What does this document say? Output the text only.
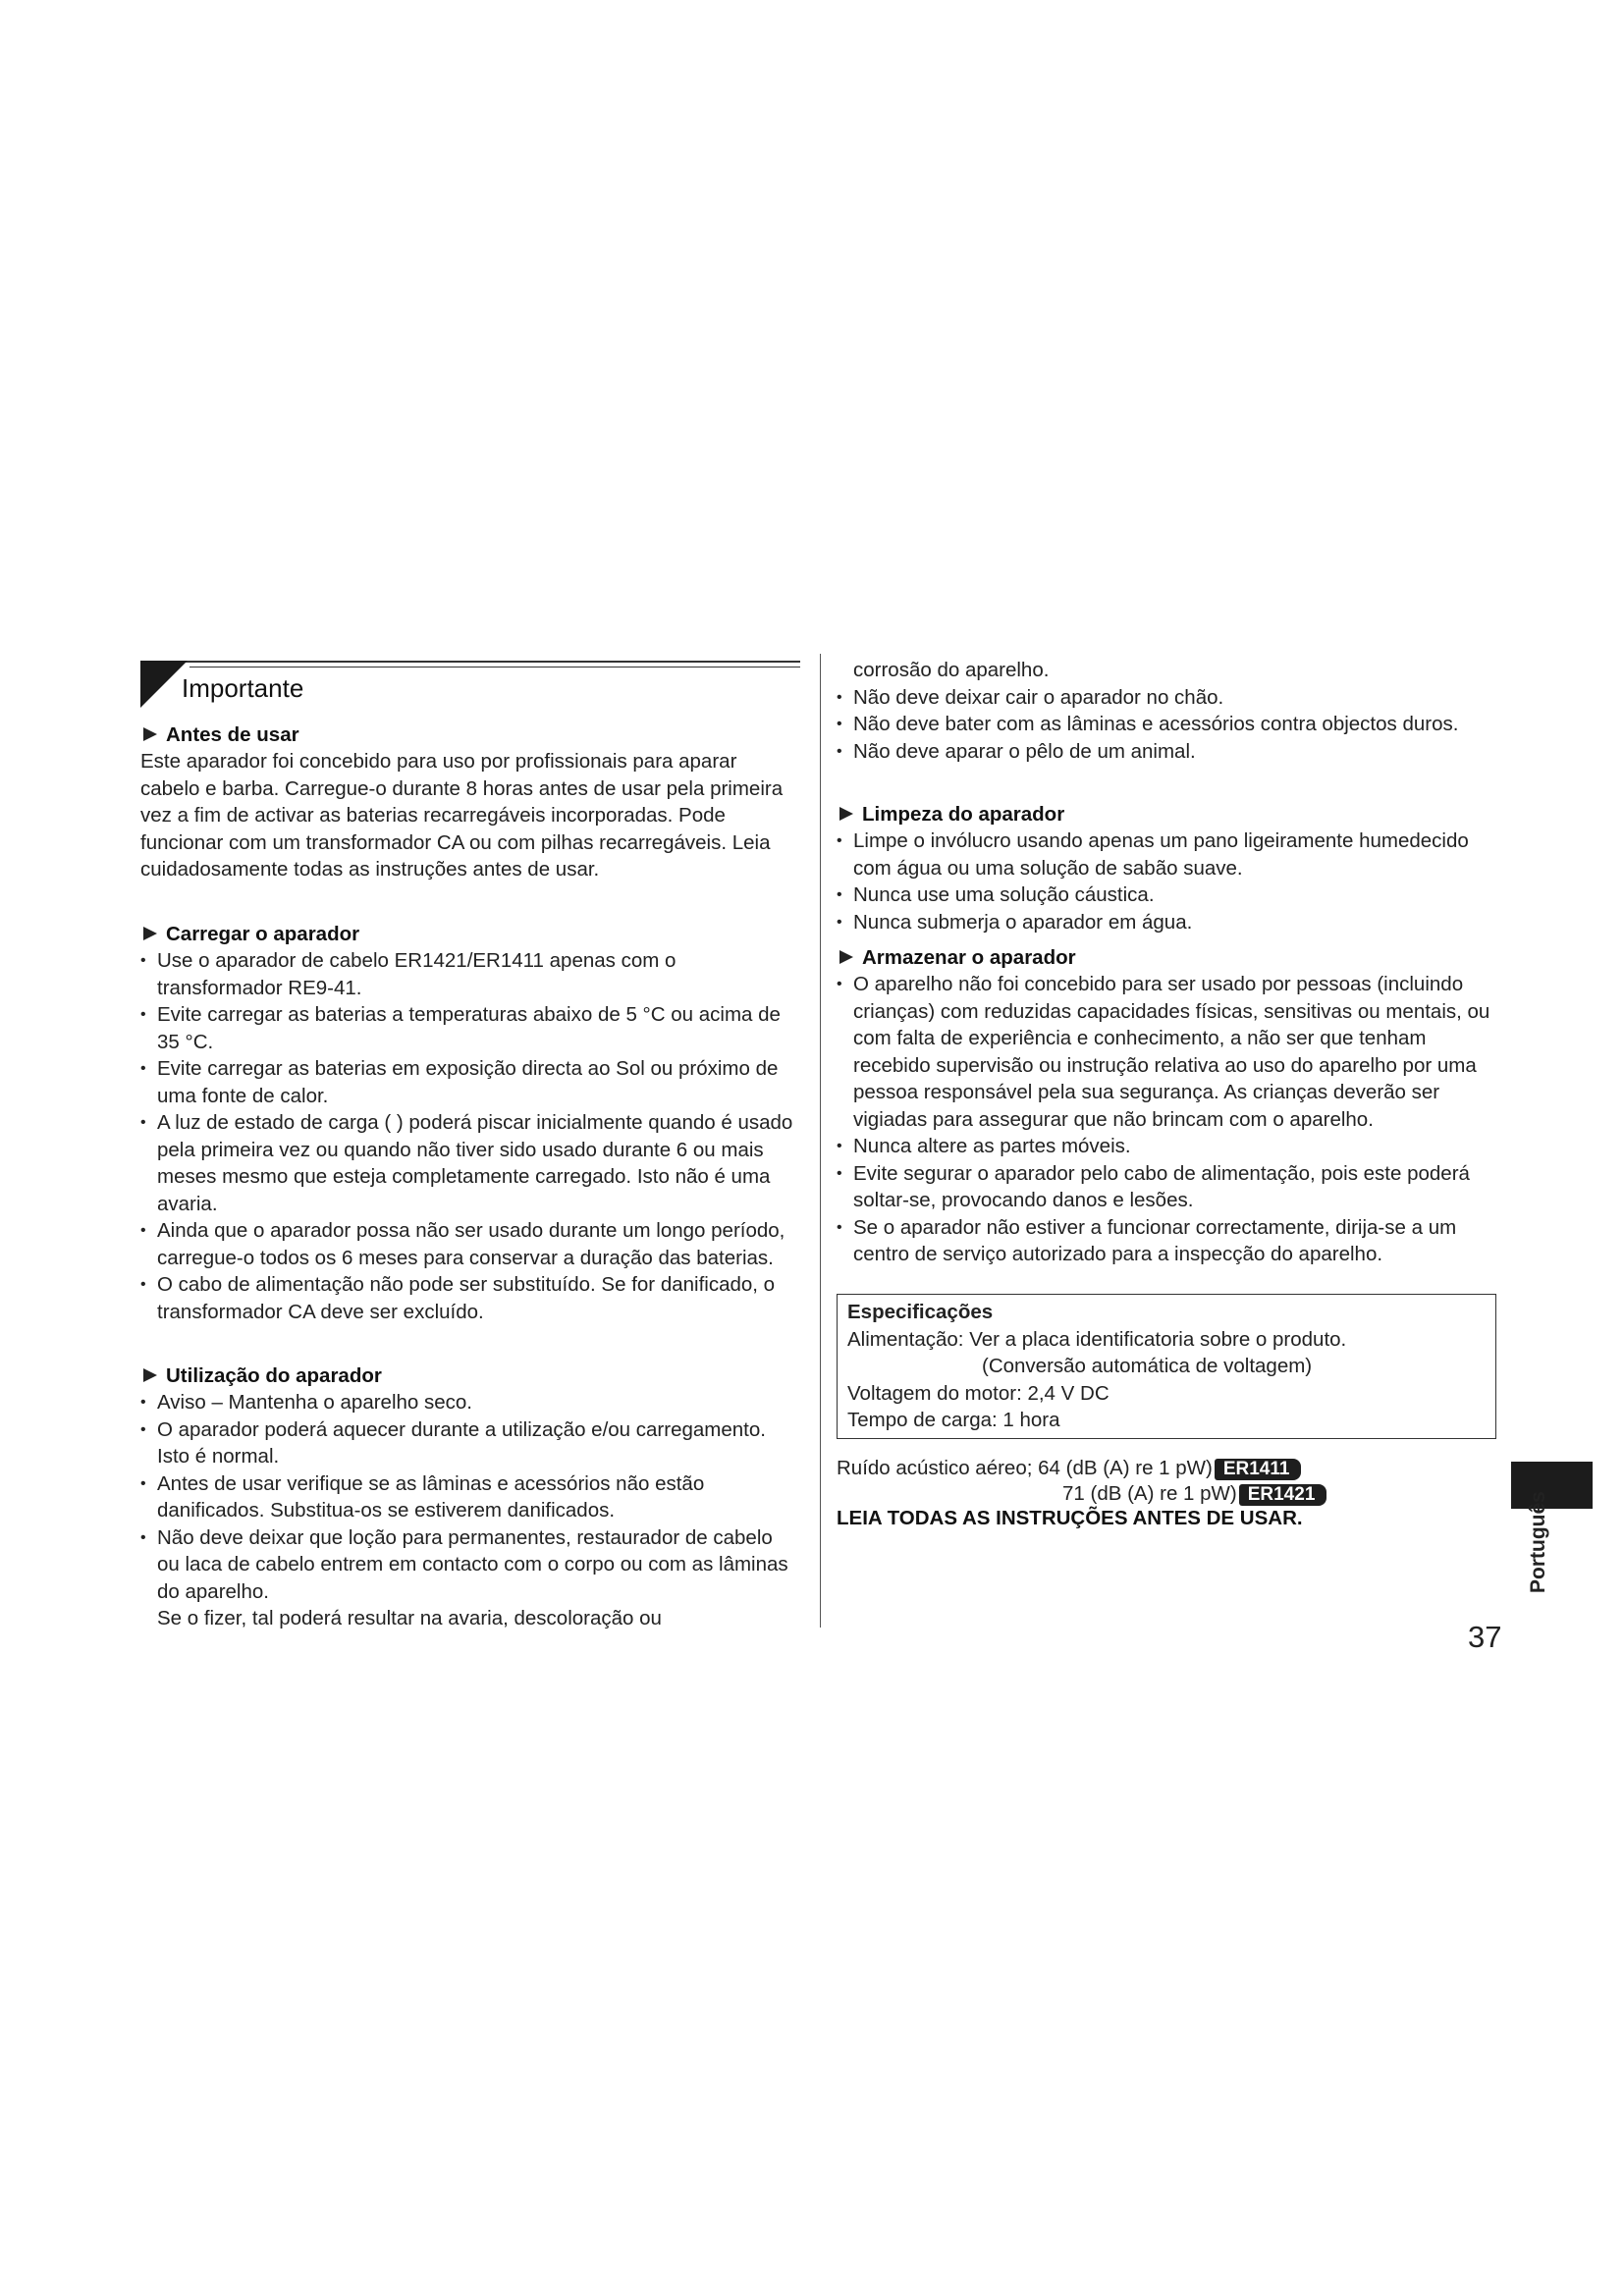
Importante
Antes de usar

Este aparador foi concebido para uso por profissionais para aparar cabelo e barba. Carregue-o durante 8 horas antes de usar pela primeira vez a fim de activar as baterias recarregáveis incorporadas. Pode funcionar com um transformador CA ou com pilhas recarregáveis. Leia cuidadosamente todas as instruções antes de usar.

Carregar o aparador
• Use o aparador de cabelo ER1421/ER1411 apenas com o transformador RE9-41.
• Evite carregar as baterias a temperaturas abaixo de 5 °C ou acima de 35 °C.
• Evite carregar as baterias em exposição directa ao Sol ou próximo de uma fonte de calor.
• A luz de estado de carga ( ) poderá piscar inicialmente quando é usado pela primeira vez ou quando não tiver sido usado durante 6 ou mais meses mesmo que esteja completamente carregado. Isto não é uma avaria.
• Ainda que o aparador possa não ser usado durante um longo período, carregue-o todos os 6 meses para conservar a duração das baterias.
• O cabo de alimentação não pode ser substituído. Se for danificado, o transformador CA deve ser excluído.
Utilização do aparador
• Aviso – Mantenha o aparelho seco.
• O aparador poderá aquecer durante a utilização e/ou carregamento. Isto é normal.
• Antes de usar verifique se as lâminas e acessórios não estão danificados. Substitua-os se estiverem danificados.
• Não deve deixar que loção para permanentes, restaurador de cabelo ou laca de cabelo entrem em contacto com o corpo ou com as lâminas do aparelho.
Se o fizer, tal poderá resultar na avaria, descoloração ou
corrosão do aparelho.
• Não deve deixar cair o aparador no chão.
• Não deve bater com as lâminas e acessórios contra objectos duros.
• Não deve aparar o pêlo de um animal.
Limpeza do aparador
• Limpe o invólucro usando apenas um pano ligeiramente humedecido com água ou uma solução de sabão suave.
• Nunca use uma solução cáustica.
• Nunca submerja o aparador em água.
Armazenar o aparador
• O aparelho não foi concebido para ser usado por pessoas (incluindo crianças) com reduzidas capacidades físicas, sensitivas ou mentais, ou com falta de experiência e conhecimento, a não ser que tenham recebido supervisão ou instrução relativa ao uso do aparelho por uma pessoa responsável pela sua segurança. As crianças deverão ser vigiadas para assegurar que não brincam com o aparelho.
• Nunca altere as partes móveis.
• Evite segurar o aparador pelo cabo de alimentação, pois este poderá soltar-se, provocando danos e lesões.
• Se o aparador não estiver a funcionar correctamente, dirija-se a um centro de serviço autorizado para a inspecção do aparelho.
Especificações
Alimentação: Ver a placa identificatoria sobre o produto.
(Conversão automática de voltagem)
Voltagem do motor: 2,4 V DC
Tempo de carga: 1 hora
Ruído acústico aéreo; 64 (dB (A) re 1 pW) ER1411
71 (dB (A) re 1 pW) ER1421
LEIA TODAS AS INSTRUÇÕES ANTES DE USAR.	Português
37
